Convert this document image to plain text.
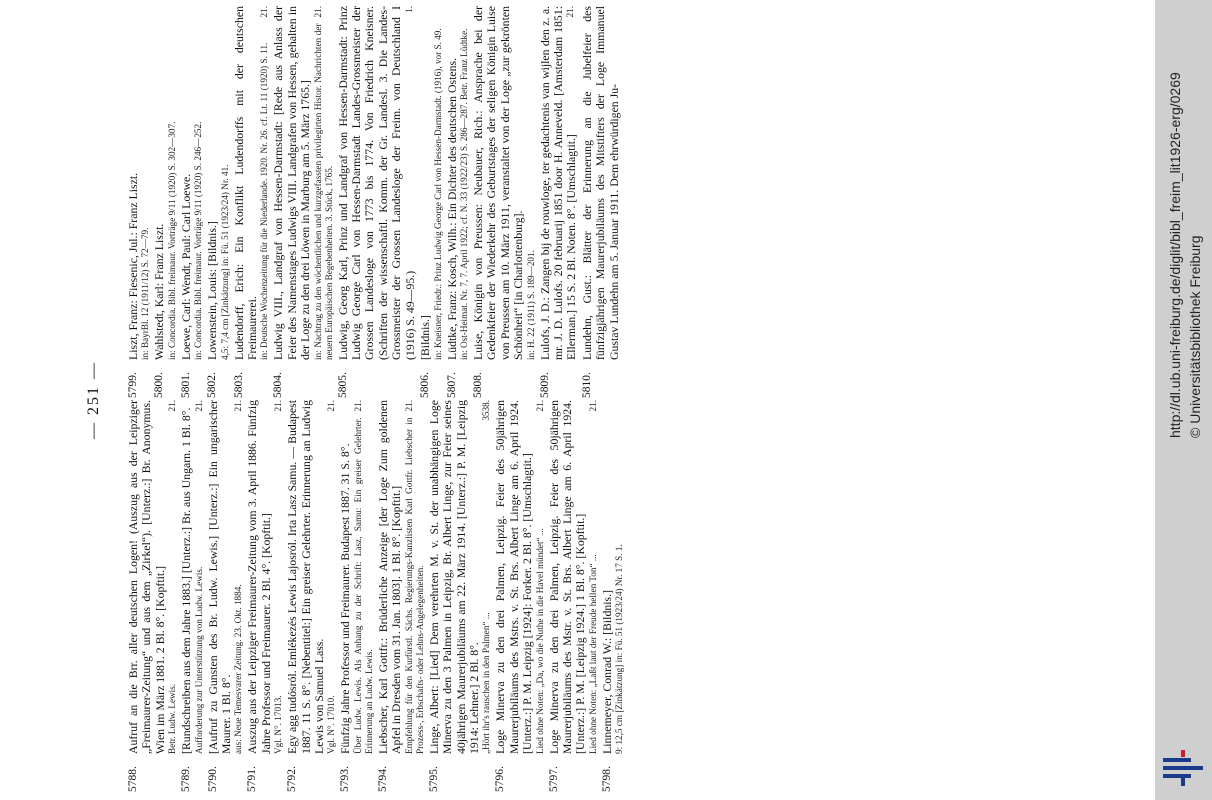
— 251 —
5788.
Aufruf an die Brr. aller deutschen Logen! (Auszug aus der Leipziger „Freimaurer-Zeitung“ und aus dem „Zirkel“). [Unterz.:] Br. Anonymus. Wien im März 1881. 2 Bl. 8°. [Kopftit.]
21.
Betr. Ludw. Lewis.
5789.
[Rundschreiben aus dem Jahre 1883.] [Unterz.:] Br. aus Ungarn. 1 Bl. 8°.
21.
Aufforderung zur Unterstützung von Ludw. Lewis.
5790.
[Aufruf zu Gunsten des Br. Ludw. Lewis.] [Unterz.:] Ein ungarischer Maurer. 1 Bl. 8°.
21.
aus: Neue Temesvarer Zeitung. 23. Okt. 1884.
5791.
Auszug aus der Leipziger Freimaurer-Zeitung vom 3. April 1886. Fünfzig Jahre Professor und Freimaurer. 2 Bl. 4°. [Kopftit.]
21.
Vgl. N°. 17013.
5792.
Egy agg tudósról. Emlékezés Lewis Lajosról. Irta Lasz Samu. — Budapest 1887. 11 S. 8°. [Nebentitel:] Ein greiser Gelehrter. Erinnerung an Ludwig Lewis von Samuel Lass.
21.
Vgl. N°. 17010.
5793.
Fünfzig Jahre Professor und Freimaurer. Budapest 1887. 31 S. 8°.
21.
Über Ludw. Lewis. Als Anhang zu der Schrift: Lasz, Samu: Ein greiser Gelehrter. Erinnerung an Ludw. Lewis.
5794.
Liebscher, Karl Gottfr.: Brüderliche Anzeige [der Loge Zum goldenen Apfel in Dresden vom 31. Jan. 1803]. 1 Bl. 8°. [Kopftit.]
21.
Empfehlung für den Kurfürstl. Sächs. Regierungs-Kanzlisten Karl Gottfr. Liebscher in Prozess-, Erbschafts- oder Lehns-Angelegenheiten.
5795.
Linge, Albert: [Lied] Dem verehrten M. v. St. der unabhängigen Loge Minerva zu den 3 Palmen in Leipzig, Br. Albert Linge, zur Feier seines 40jährigen Maurerjubiläums am 22. März 1914. [Unterz.:] P. M. [Leipzig 1914: Lehner.] 2 Bl. 8°.
3538.
„Hört ihr's rauschen in den Palmen“ ...
5796.
Loge Minerva zu den drei Palmen, Leipzig. Feier des 50jährigen Maurerjubiläums des Mstrs. v. St. Brs. Albert Linge am 6. April 1924. [Unterz.:] P. M. Leipzig [1924]: Forker. 2 Bl. 8°. [Umschlagtit.]
21.
Lied ohne Noten: „Da, wo die Nuthe in die Havel mündet“ ...
5797.
Loge Minerva zu den drei Palmen, Leipzig. Feier des 50jährigen Maurerjubiläums des Mstr. v. St. Brs. Albert Linge am 6. April 1924. [Unterz.:] P. M. [Leipzig 1924.] 1 Bl. 8°. [Kopftit.]
21.
Lied ohne Noten: „Laßt laut der Freude hellen Ton“ ...
5798.
Linnemeyer, Conrad W.: [Bildnis.] 9: 12,5 cm [Zinkätzung] in: Fü. 51 (1923/24) Nr. 17 S. 1.
5799.
Liszt, Franz: Fiesenic, Jul.: Franz Liszt. in: BayrBl. 12 (1911/12) S. 72—79.
5800.
Wahlstedt, Karl: Franz Liszt. in: Concordia. Bibl. freimaur. Vorträge 9/11 (1920) S. 302—307.
5801.
Loewe, Carl: Wendt, Paul: Carl Loewe. in: Concordia. Bibl. freimaur. Vorträge 9/11 (1920) S. 246—252.
5802.
Lowenstein, Louis: [Bildnis.] 4,5: 7,4 cm [Zinkätzung] in: Fü. 51 (1923/24) Nr. 41.
5803.
Ludendorff, Erich: Ein Konflikt Ludendorffs mit der deutschen Freimaurerei.
21.
in: Deutsche Wochenzeitung für die Niederlande. 1920. Nr. 26. cf. Lt. 11 (1920) S. 11.
5804.
Ludwig VIII., Landgraf von Hessen-Darmstadt: [Rede aus Anlass der Feier des Namenstages Ludwigs VIII. Landgrafen von Hessen, gehalten in der Loge zu den drei Löwen in Marburg am 5. März 1765.]
21.
in: Nachtrag zu den wöchentlichen und kurzgefassten privilegirten Histor. Nachrichten der neuern Europäischen Begebenheiten. 3. Stück, 1765.
5805.
Ludwig, Georg Karl, Prinz und Landgraf von Hessen-Darmstadt: Prinz Ludwig George Carl von Hessen-Darmstadt Landes-Grossmeister der Grossen Landesloge von 1773 bis 1774. Von Friedrich Kneisner. (Schriften der wissenschaftl. Komm. der Gr. Landesl. 3. Die Landes-Grossmeister der Grossen Landesloge der Freim. von Deutschland I (1916) S. 49—95.)
1.
5806.
[Bildnis.] in: Kneisner, Friedr.: Prinz Ludwig George Carl von Hessen-Darmstadt. (1916), vor S. 49.
5807.
Lüdtke, Franz: Kosch, Wilh.: Ein Dichter des deutschen Ostens. in: Ost-Heimat. Nr. 7, 7. April 1922; cf. N. 33 (1922/23) S. 286—287. Betr. Franz Lüdtke.
5808.
Luise, Königin von Preussen: Neubauer, Rich.: Ansprache bei der Gedenkfeier der Wiederkehr des Geburtstages der seligen Königin Luise von Preussen am 10. März 1911, veranstaltet von der Loge „zur gekrönten Schönheit“ [in Charlottenburg]. in: H. 22 (1911) S. 189—201.
5809.
Lulofs, J. D.: Zangen bij de rouwloge, ter gedachtenis van wijlen den z. a. mr. J. D. Lulofs. 20 februarij 1851 door H. Anneveld. [Amsterdam 1851: Ellerman.] 15 S. 2 Bl. Noten. 8°. [Umschlagtit.]
21.
5810.
Lundehn, Gust.: Blätter der Erinnerung an die Jubelfeier des fünfzigjährigen Maurerjubiläums des Mitstifters der Loge Immanuel Gustav Lundehn am 5. Januar 1911. Dem ehrwürdigen Ju-	http://dl.ub.uni-freiburg.de/diglit/bibl_freim_lit1926-erg/0269 © Universitätsbibliothek Freiburg
